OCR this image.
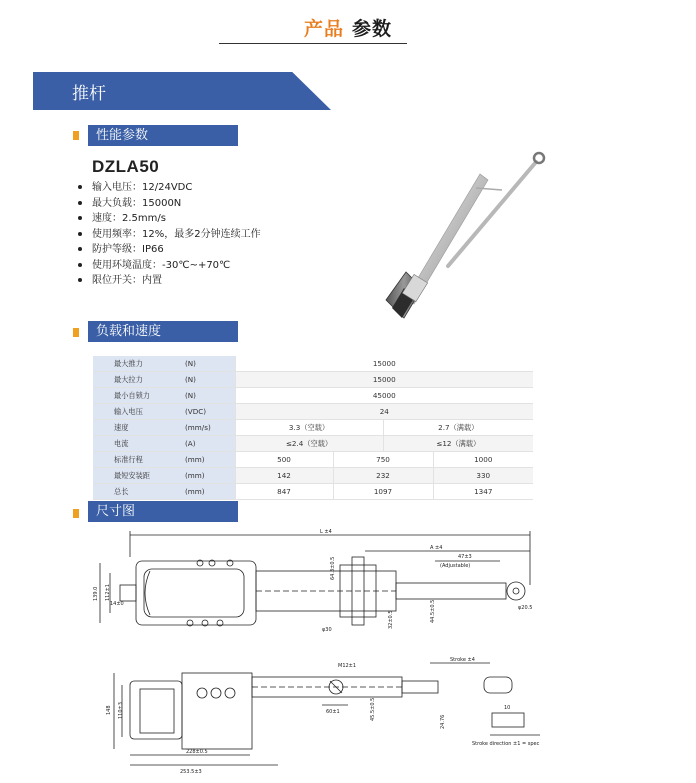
产品 参数
推杆
性能参数
DZLA50
输入电压：12/24VDC
最大负载：15000N
速度：2.5mm/s
使用频率：12%，最多2分钟连续工作
防护等级：IP66
使用环境温度：-30℃~+70℃
限位开关：内置
负载和速度
最大推力	(N)	15000			
最大拉力	(N)	15000			
最小自锁力	(N)	45000			
输入电压	(VDC)	24			
速度	(mm/s)	3.3（空载）		2.7（满载）	
电流	(A)	≤2.4（空载）		≤12（满载）	
标准行程	(mm)	500	750		1000
最短安装距	(mm)	142	232		330
总长	(mm)	847	1097		1347
尺寸图
L ±4
A ±4
47±3
(Adjustable)
139.0 112±1
14±0
64.3±0.5
φ30
32±0.5	44.5±0.5	φ20.5
M12±1
60±1	45.5±0.5
Stroke ±4
148 110±3
228±0.5
253.5±3
10
24.76
Stroke direction ±1 = spec
